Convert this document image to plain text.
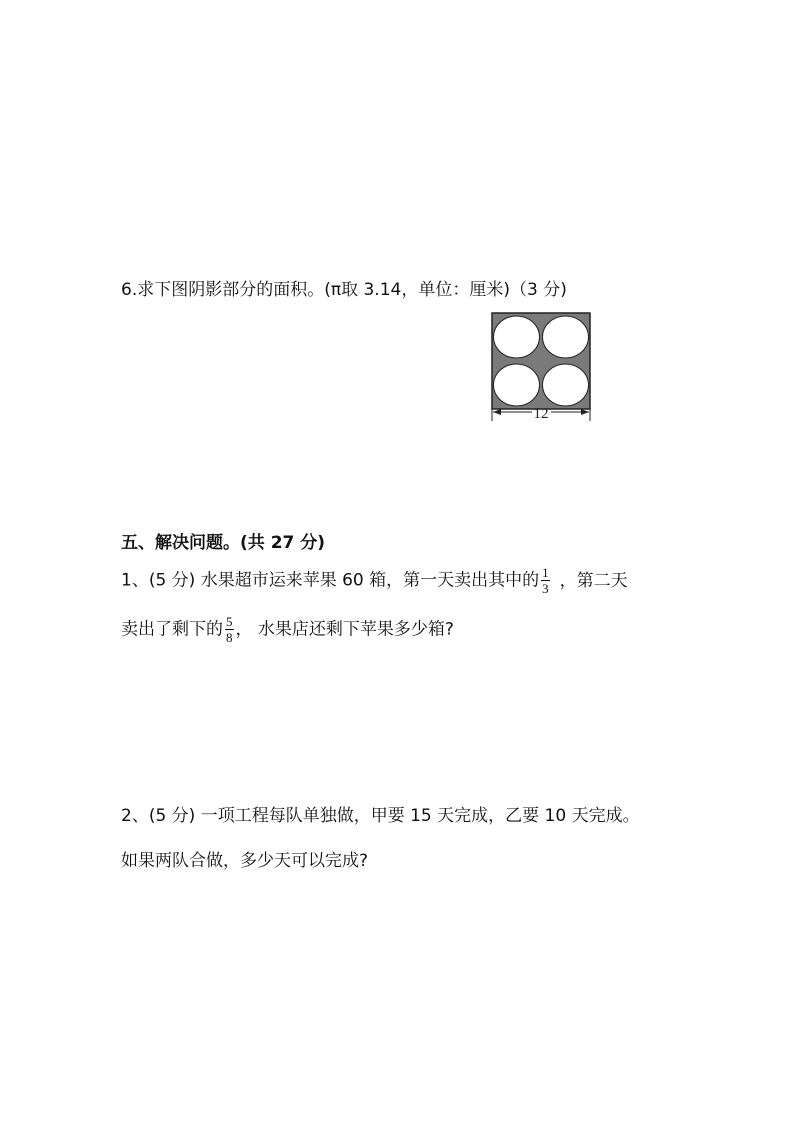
6.求下图阴影部分的面积。(π取 3.14，单位：厘米)（3 分)
12
五、解决问题。(共 27 分)
1、(5 分) 水果超市运来苹果 60 箱，第一天卖出其中的 $\frac{1}{3}$ ，第二天
卖出了剩下的 $\frac{5}{8}$ ， 水果店还剩下苹果多少箱?
2、(5 分) 一项工程每队单独做，甲要 15 天完成，乙要 10 天完成。
如果两队合做，多少天可以完成?
